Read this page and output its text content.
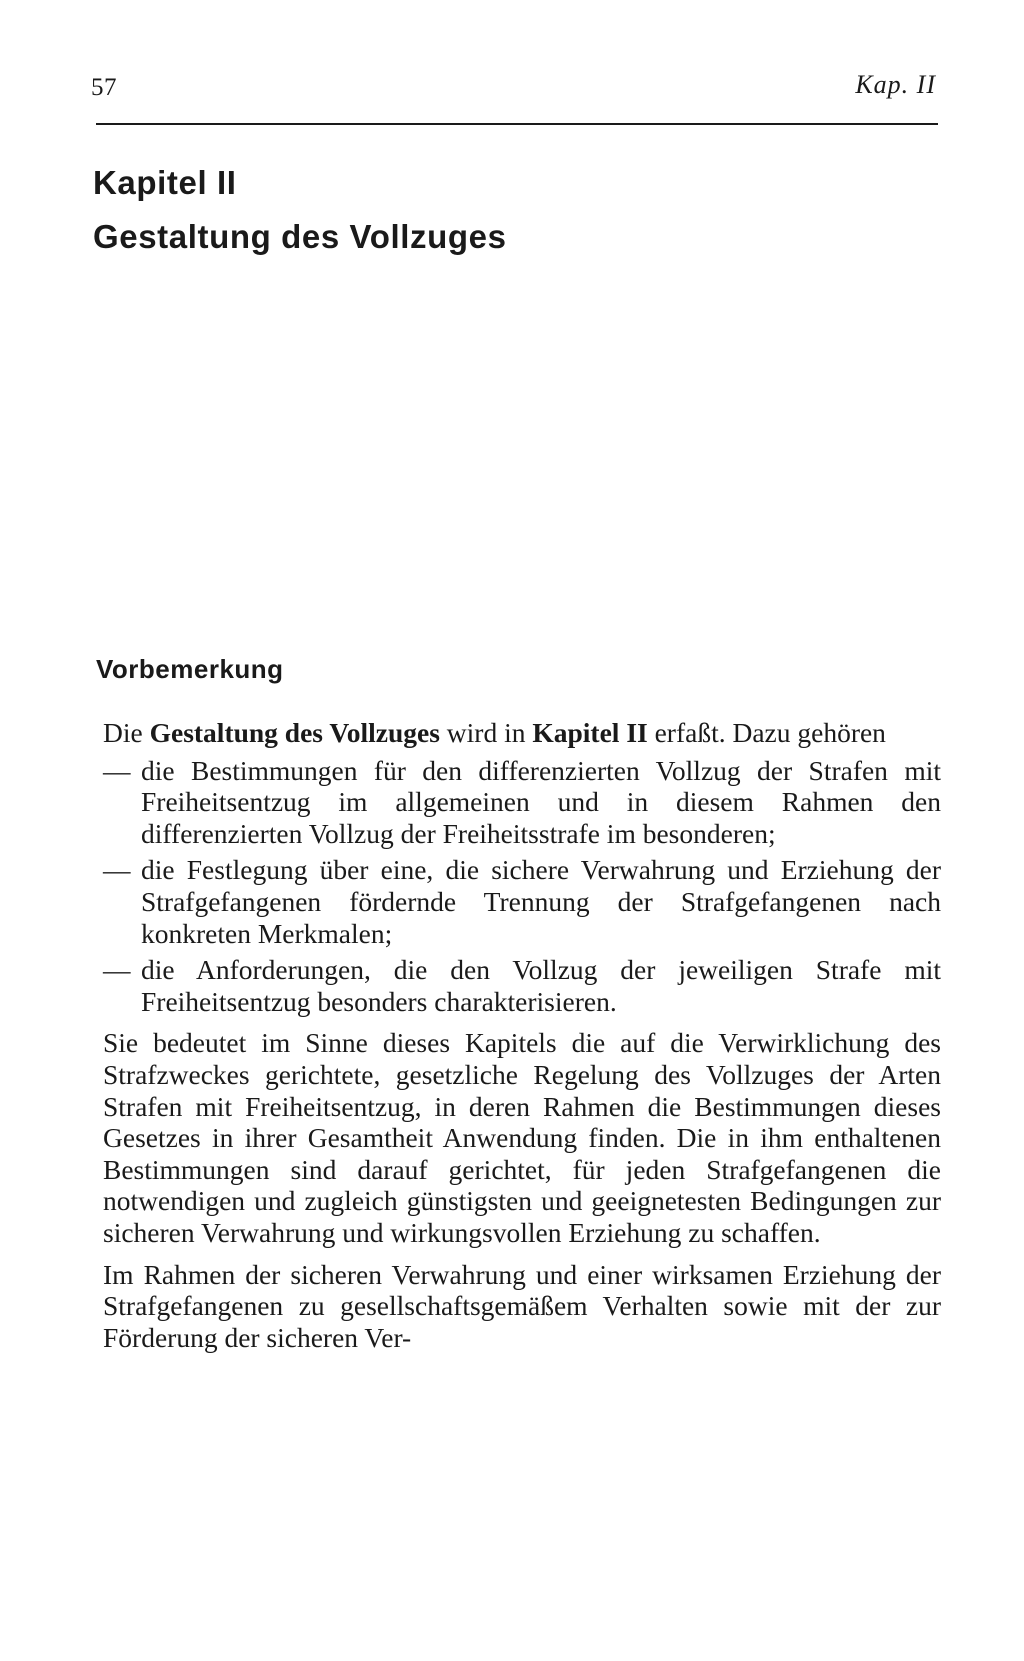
57	Kap. II
Kapitel II
Gestaltung des Vollzuges
Vorbemerkung

Die Gestaltung des Vollzuges wird in Kapitel II erfaßt. Dazu gehören

— die Bestimmungen für den differenzierten Vollzug der Strafen mit Freiheitsentzug im allgemeinen und in diesem Rahmen den differenzierten Vollzug der Freiheitsstrafe im besonderen;
— die Festlegung über eine, die sichere Verwahrung und Erziehung der Strafgefangenen fördernde Trennung der Strafgefangenen nach konkreten Merkmalen;
— die Anforderungen, die den Vollzug der jeweiligen Strafe mit Freiheitsentzug besonders charakterisieren.

Sie bedeutet im Sinne dieses Kapitels die auf die Verwirklichung des Strafzweckes gerichtete, gesetzliche Regelung des Vollzuges der Arten Strafen mit Freiheitsentzug, in deren Rahmen die Bestimmungen dieses Gesetzes in ihrer Gesamtheit Anwendung finden. Die in ihm enthaltenen Bestimmungen sind darauf gerichtet, für jeden Strafgefangenen die notwendigen und zugleich günstigsten und geeignetesten Bedingungen zur sicheren Verwahrung und wirkungsvollen Erziehung zu schaffen.

Im Rahmen der sicheren Verwahrung und einer wirksamen Erziehung der Strafgefangenen zu gesellschaftsgemäßem Verhalten sowie mit der zur Förderung der sicheren Ver-
